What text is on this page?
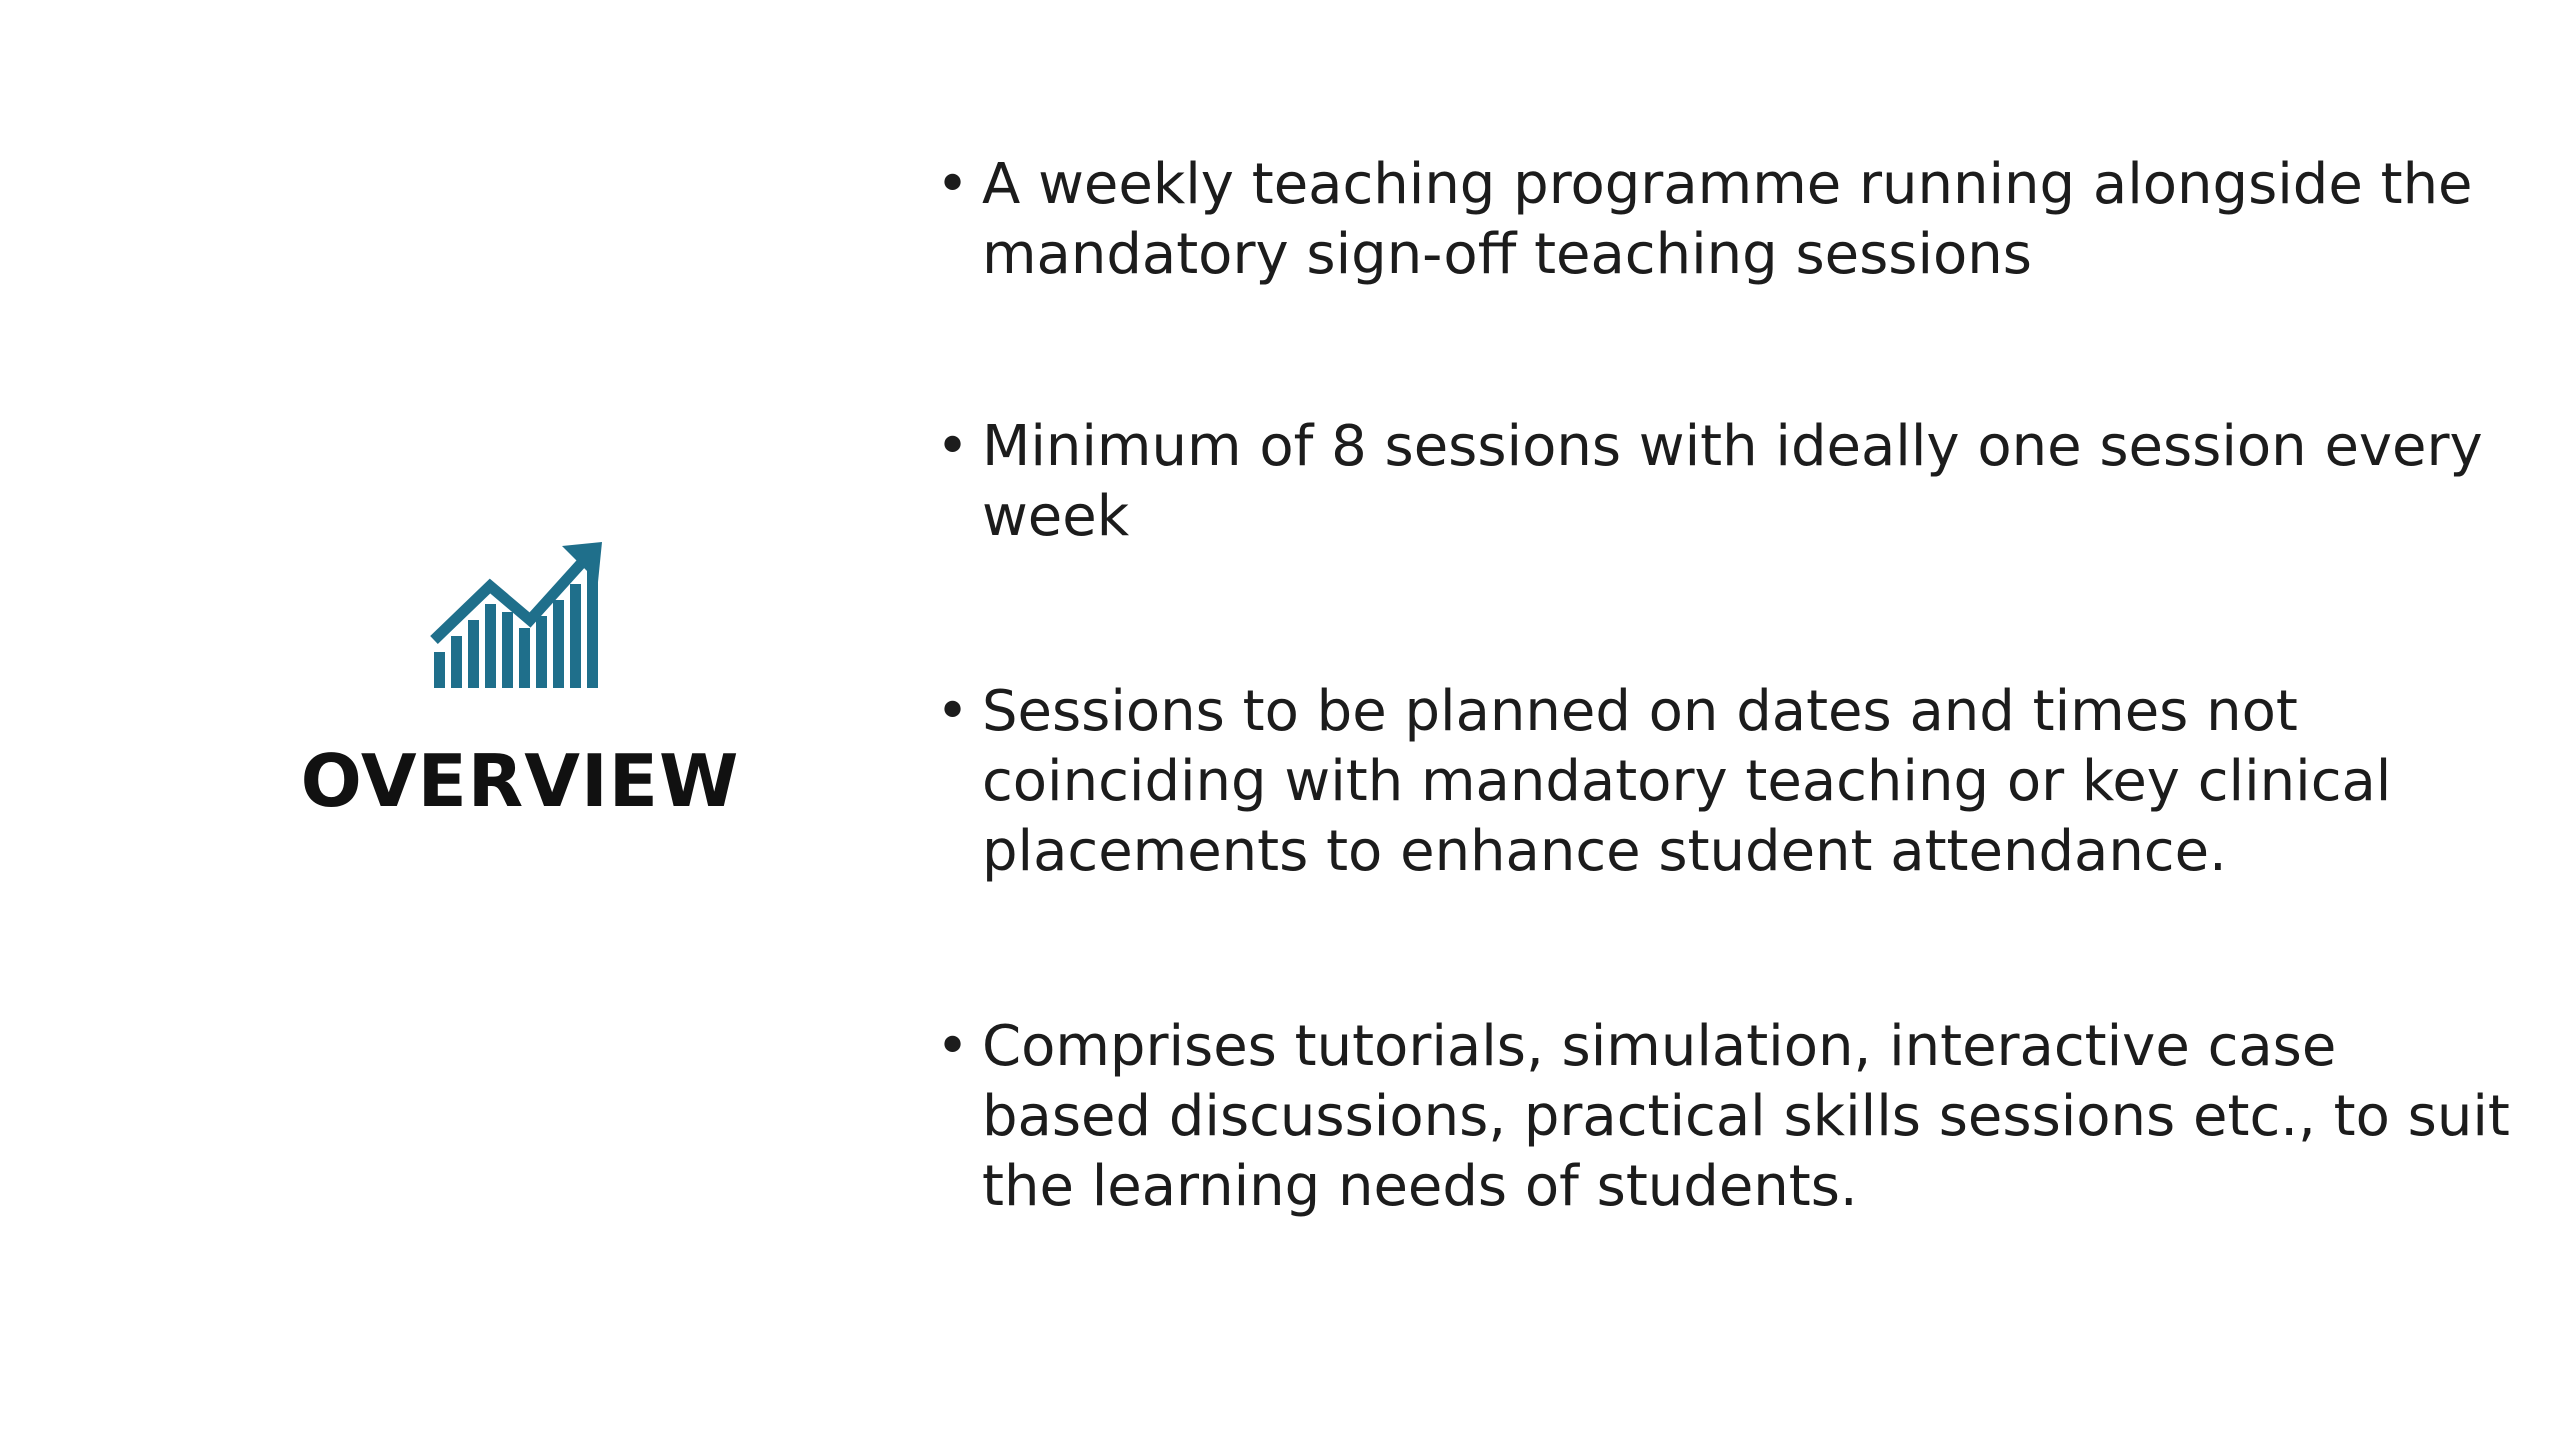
OVERVIEW
• A weekly teaching programme running alongside the mandatory sign-off teaching sessions
• Minimum of 8 sessions with ideally one session every week
• Sessions to be planned on dates and times not coinciding with mandatory teaching or key clinical placements to enhance student attendance.
• Comprises tutorials, simulation, interactive case based discussions, practical skills sessions etc., to suit the learning needs of students.
